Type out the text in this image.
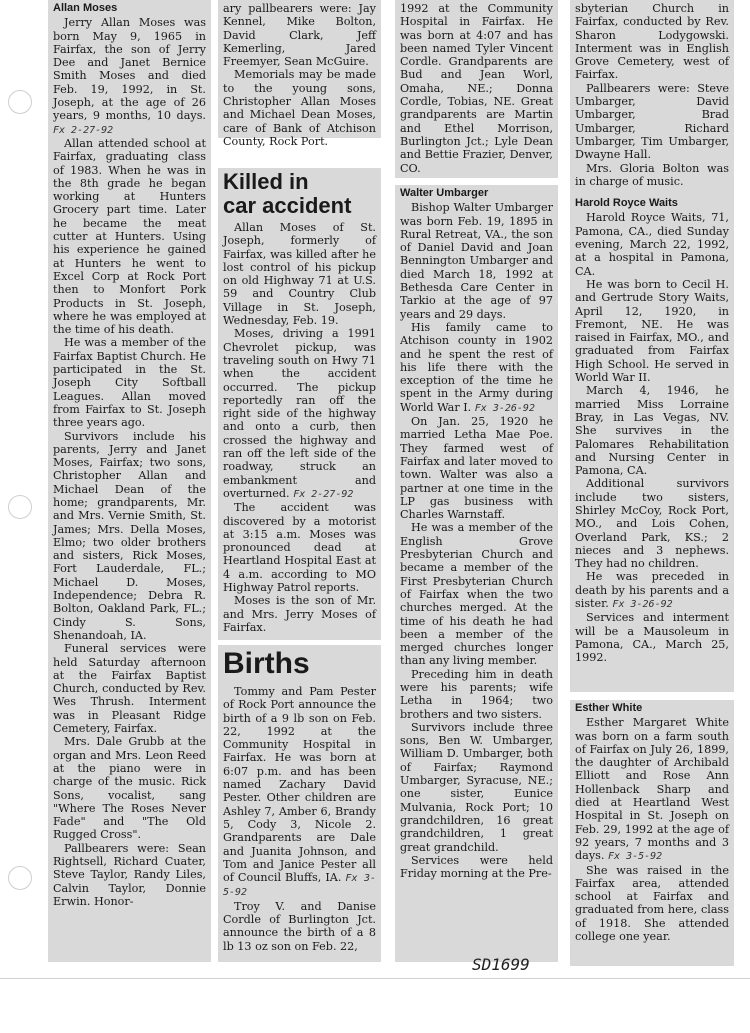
Allan Moses

Jerry Allan Moses was born May 9, 1965 in Fairfax, the son of Jerry Dee and Janet Bernice Smith Moses and died Feb. 19, 1992, in St. Joseph, at the age of 26 years, 9 months, 10 days. Fx 2-27-92

Allan attended school at Fairfax, graduating class of 1983. When he was in the 8th grade he began working at Hunters Grocery part time. Later he became the meat cutter at Hunters. Using his experience he gained at Hunters he went to Excel Corp at Rock Port then to Monfort Pork Products in St. Joseph, where he was employed at the time of his death.

He was a member of the Fairfax Baptist Church. He participated in the St. Joseph City Softball Leagues. Allan moved from Fairfax to St. Joseph three years ago.

Survivors include his parents, Jerry and Janet Moses, Fairfax; two sons, Christopher Allan and Michael Dean of the home; grandparents, Mr. and Mrs. Vernie Smith, St. James; Mrs. Della Moses, Elmo; two older brothers and sisters, Rick Moses, Fort Lauderdale, FL.; Michael D. Moses, Independence; Debra R. Bolton, Oakland Park, FL.; Cindy S. Sons, Shenandoah, IA.

Funeral services were held Saturday afternoon at the Fairfax Baptist Church, conducted by Rev. Wes Thrush. Interment was in Pleasant Ridge Cemetery, Fairfax.

Mrs. Dale Grubb at the organ and Mrs. Leon Reed at the piano were in charge of the music. Rick Sons, vocalist, sang "Where The Roses Never Fade" and "The Old Rugged Cross".

Pallbearers were: Sean Rightsell, Richard Cuater, Steve Taylor, Randy Liles, Calvin Taylor, Donnie Erwin. Honor-

ary pallbearers were: Jay Kennel, Mike Bolton, David Clark, Jeff Kemerling, Jared Freemyer, Sean McGuire.

Memorials may be made to the young sons, Christopher Allan Moses and Michael Dean Moses, care of Bank of Atchison County, Rock Port.

Killed in
car accident

Allan Moses of St. Joseph, formerly of Fairfax, was killed after he lost control of his pickup on old Highway 71 at U.S. 59 and Country Club Village in St. Joseph, Wednesday, Feb. 19.

Moses, driving a 1991 Chevrolet pickup, was traveling south on Hwy 71 when the accident occurred. The pickup reportedly ran off the right side of the highway and onto a curb, then crossed the highway and ran off the left side of the roadway, struck an embankment and overturned. Fx 2-27-92

The accident was discovered by a motorist at 3:15 a.m. Moses was pronounced dead at Heartland Hospital East at 4 a.m. according to MO Highway Patrol reports.

Moses is the son of Mr. and Mrs. Jerry Moses of Fairfax.

Births

Tommy and Pam Pester of Rock Port announce the birth of a 9 lb son on Feb. 22, 1992 at the Community Hospital in Fairfax. He was born at 6:07 p.m. and has been named Zachary David Pester. Other children are Ashley 7, Amber 6, Brandy 5, Cody 3, Nicole 2. Grandparents are Dale and Juanita Johnson, and Tom and Janice Pester all of Council Bluffs, IA. Fx 3-5-92

Troy V. and Danise Cordle of Burlington Jct. announce the birth of a 8 lb 13 oz son on Feb. 22,

1992 at the Community Hospital in Fairfax. He was born at 4:07 and has been named Tyler Vincent Cordle. Grandparents are Bud and Jean Worl, Omaha, NE.; Donna Cordle, Tobias, NE. Great grandparents are Martin and Ethel Morrison, Burlington Jct.; Lyle Dean and Bettie Frazier, Denver, CO.

Walter Umbarger

Bishop Walter Umbarger was born Feb. 19, 1895 in Rural Retreat, VA., the son of Daniel David and Joan Bennington Umbarger and died March 18, 1992 at Bethesda Care Center in Tarkio at the age of 97 years and 29 days.

His family came to Atchison county in 1902 and he spent the rest of his life there with the exception of the time he spent in the Army during World War I. Fx 3-26-92

On Jan. 25, 1920 he married Letha Mae Poe. They farmed west of Fairfax and later moved to town. Walter was also a partner at one time in the LP gas business with Charles Warnstaff.

He was a member of the English Grove Presbyterian Church and became a member of the First Presbyterian Church of Fairfax when the two churches merged. At the time of his death he had been a member of the merged churches longer than any living member.

Preceding him in death were his parents; wife Letha in 1964; two brothers and two sisters.

Survivors include three sons, Ben W. Umbarger, William D. Umbarger, both of Fairfax; Raymond Umbarger, Syracuse, NE.; one sister, Eunice Mulvania, Rock Port; 10 grandchildren, 16 great grandchildren, 1 great great grandchild.

Services were held Friday morning at the Pre-

sbyterian Church in Fairfax, conducted by Rev. Sharon Lodygowski. Interment was in English Grove Cemetery, west of Fairfax.

Pallbearers were: Steve Umbarger, David Umbarger, Brad Umbarger, Richard Umbarger, Tim Umbarger, Dwayne Hall.

Mrs. Gloria Bolton was in charge of music.

Harold Royce Waits

Harold Royce Waits, 71, Pamona, CA., died Sunday evening, March 22, 1992, at a hospital in Pamona, CA.

He was born to Cecil H. and Gertrude Story Waits, April 12, 1920, in Fremont, NE. He was raised in Fairfax, MO., and graduated from Fairfax High School. He served in World War II.

March 4, 1946, he married Miss Lorraine Bray, in Las Vegas, NV. She survives in the Palomares Rehabilitation and Nursing Center in Pamona, CA.

Additional survivors include two sisters, Shirley McCoy, Rock Port, MO., and Lois Cohen, Overland Park, KS.; 2 nieces and 3 nephews. They had no children.

He was preceded in death by his parents and a sister. Fx 3-26-92

Services and interment will be a Mausoleum in Pamona, CA., March 25, 1992.

Esther White

Esther Margaret White was born on a farm south of Fairfax on July 26, 1899, the daughter of Archibald Elliott and Rose Ann Hollenback Sharp and died at Heartland West Hospital in St. Joseph on Feb. 29, 1992 at the age of 92 years, 7 months and 3 days. Fx 3-5-92

She was raised in the Fairfax area, attended school at Fairfax and graduated from here, class of 1918. She attended college one year.

SD1699
